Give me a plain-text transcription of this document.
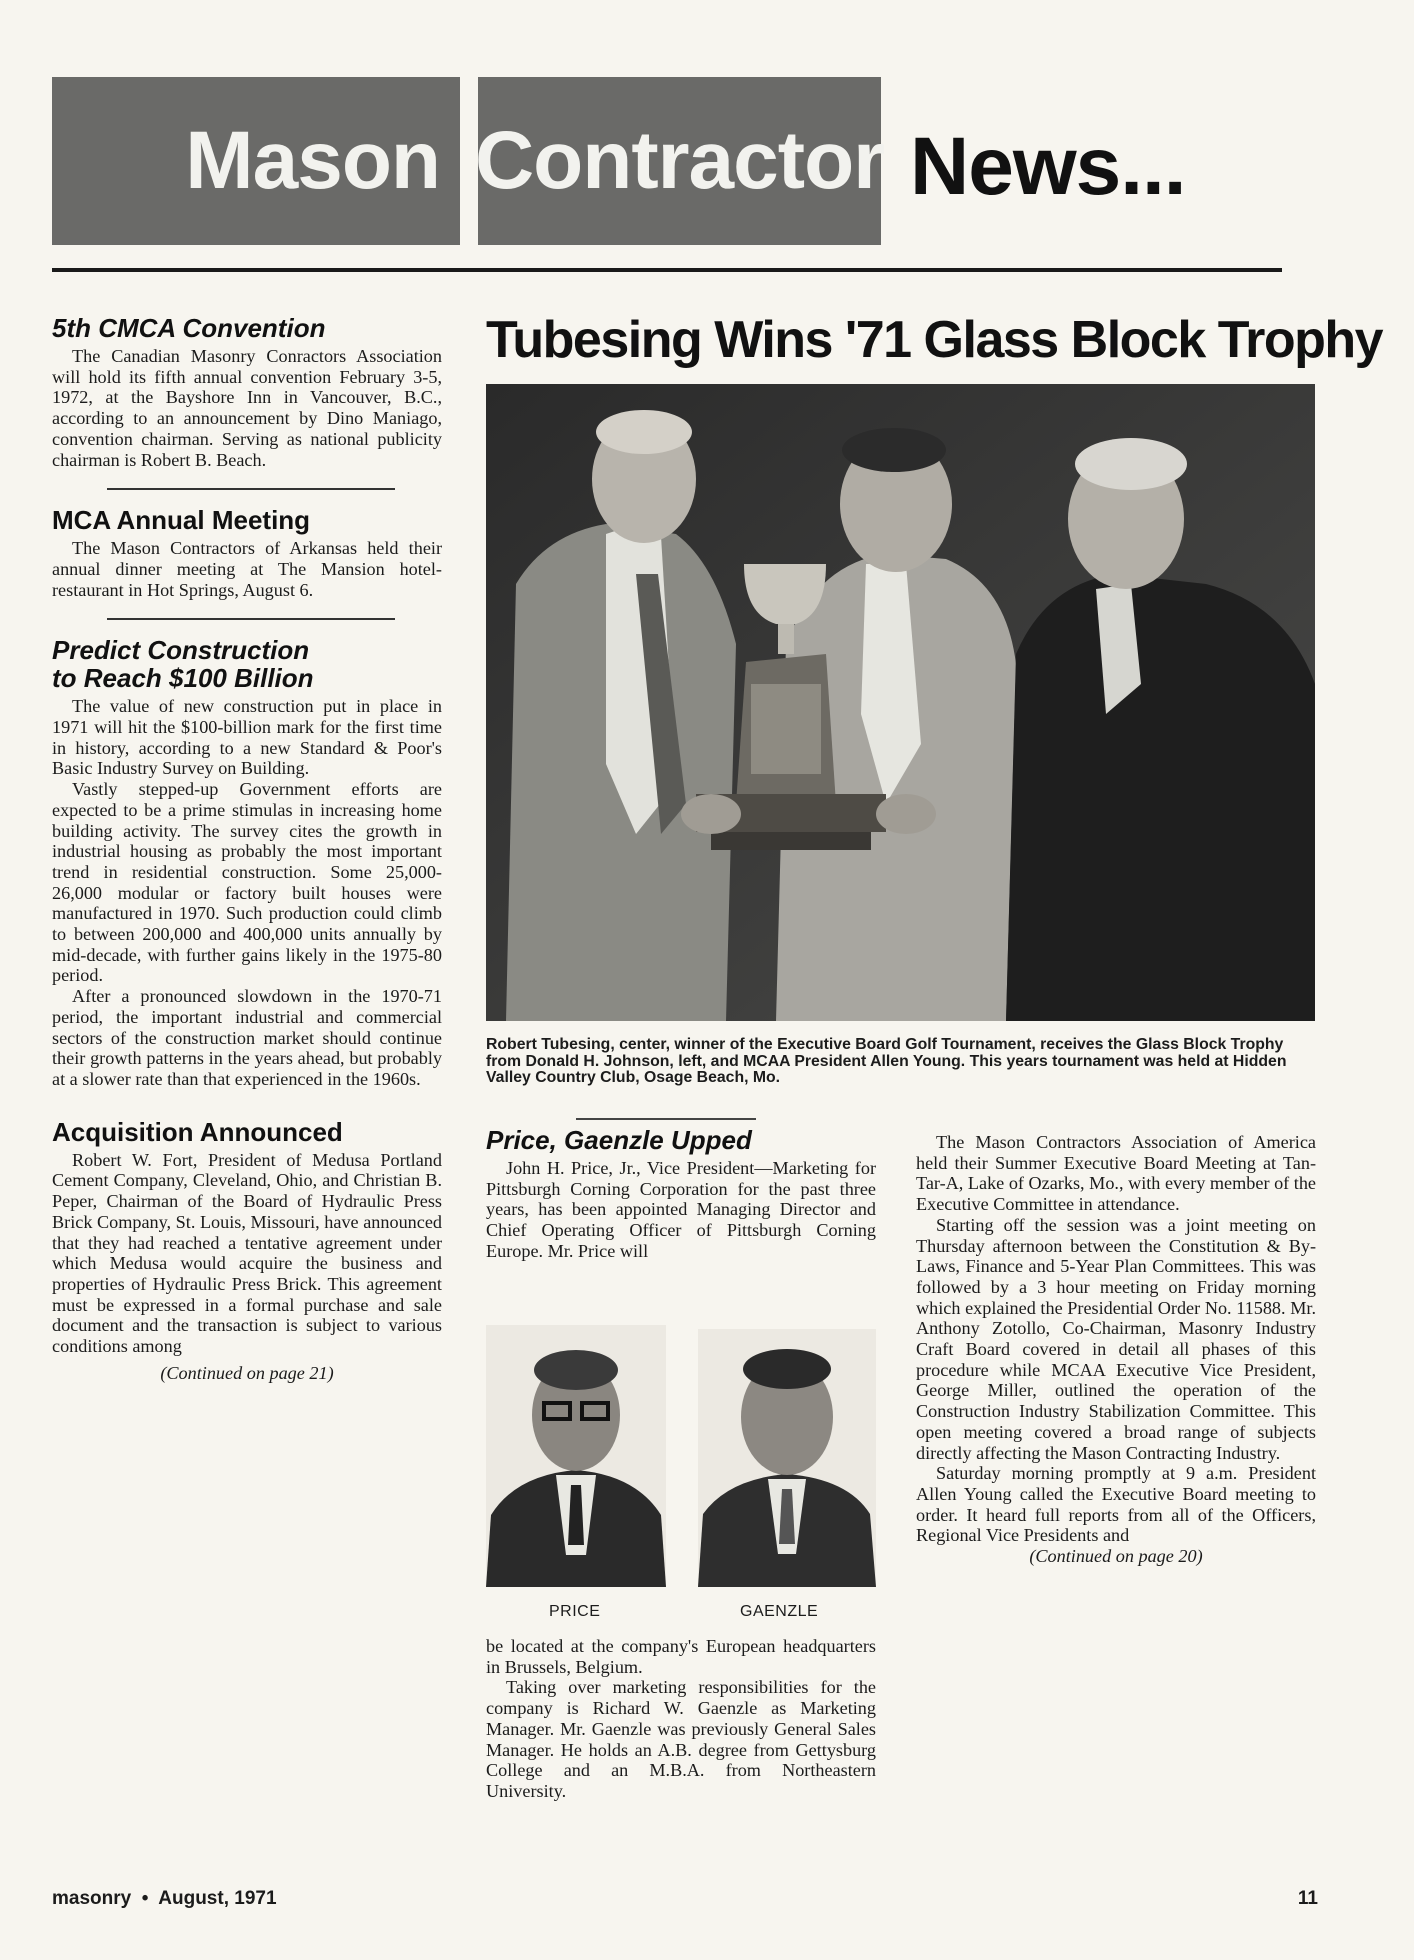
Mason Contractor News...
5th CMCA Convention

The Canadian Masonry Conractors Association will hold its fifth annual convention February 3-5, 1972, at the Bayshore Inn in Vancouver, B.C., according to an announcement by Dino Maniago, convention chairman. Serving as national publicity chairman is Robert B. Beach.

MCA Annual Meeting

The Mason Contractors of Arkansas held their annual dinner meeting at The Mansion hotel-restaurant in Hot Springs, August 6.

Predict Construction
to Reach $100 Billion

The value of new construction put in place in 1971 will hit the $100-billion mark for the first time in history, according to a new Standard & Poor's Basic Industry Survey on Building.

Vastly stepped-up Government efforts are expected to be a prime stimulas in increasing home building activity. The survey cites the growth in industrial housing as probably the most important trend in residential construction. Some 25,000-26,000 modular or factory built houses were manufactured in 1970. Such production could climb to between 200,000 and 400,000 units annually by mid-decade, with further gains likely in the 1975-80 period.

After a pronounced slowdown in the 1970-71 period, the important industrial and commercial sectors of the construction market should continue their growth patterns in the years ahead, but probably at a slower rate than that experienced in the 1960s.

Acquisition Announced

Robert W. Fort, President of Medusa Portland Cement Company, Cleveland, Ohio, and Christian B. Peper, Chairman of the Board of Hydraulic Press Brick Company, St. Louis, Missouri, have announced that they had reached a tentative agreement under which Medusa would acquire the business and properties of Hydraulic Press Brick. This agreement must be expressed in a formal purchase and sale document and the transaction is subject to various conditions among

(Continued on page 21)
Tubesing Wins '71 Glass Block Trophy
Robert Tubesing, center, winner of the Executive Board Golf Tournament, receives the Glass Block Trophy from Donald H. Johnson, left, and MCAA President Allen Young. This years tournament was held at Hidden Valley Country Club, Osage Beach, Mo.
Price, Gaenzle Upped

John H. Price, Jr., Vice President—Marketing for Pittsburgh Corning Corporation for the past three years, has been appointed Managing Director and Chief Operating Officer of Pittsburgh Corning Europe. Mr. Price will

PRICE	GAENZLE

be located at the company's European headquarters in Brussels, Belgium.

Taking over marketing responsibilities for the company is Richard W. Gaenzle as Marketing Manager. Mr. Gaenzle was previously General Sales Manager. He holds an A.B. degree from Gettysburg College and an M.B.A. from Northeastern University.

The Mason Contractors Association of America held their Summer Executive Board Meeting at Tan-Tar-A, Lake of Ozarks, Mo., with every member of the Executive Committee in attendance.

Starting off the session was a joint meeting on Thursday afternoon between the Constitution & By-Laws, Finance and 5-Year Plan Committees. This was followed by a 3 hour meeting on Friday morning which explained the Presidential Order No. 11588. Mr. Anthony Zotollo, Co-Chairman, Masonry Industry Craft Board covered in detail all phases of this procedure while MCAA Executive Vice President, George Miller, outlined the operation of the Construction Industry Stabilization Committee. This open meeting covered a broad range of subjects directly affecting the Mason Contracting Industry.

Saturday morning promptly at 9 a.m. President Allen Young called the Executive Board meeting to order. It heard full reports from all of the Officers, Regional Vice Presidents and

(Continued on page 20)
masonry  •  August, 1971	11
